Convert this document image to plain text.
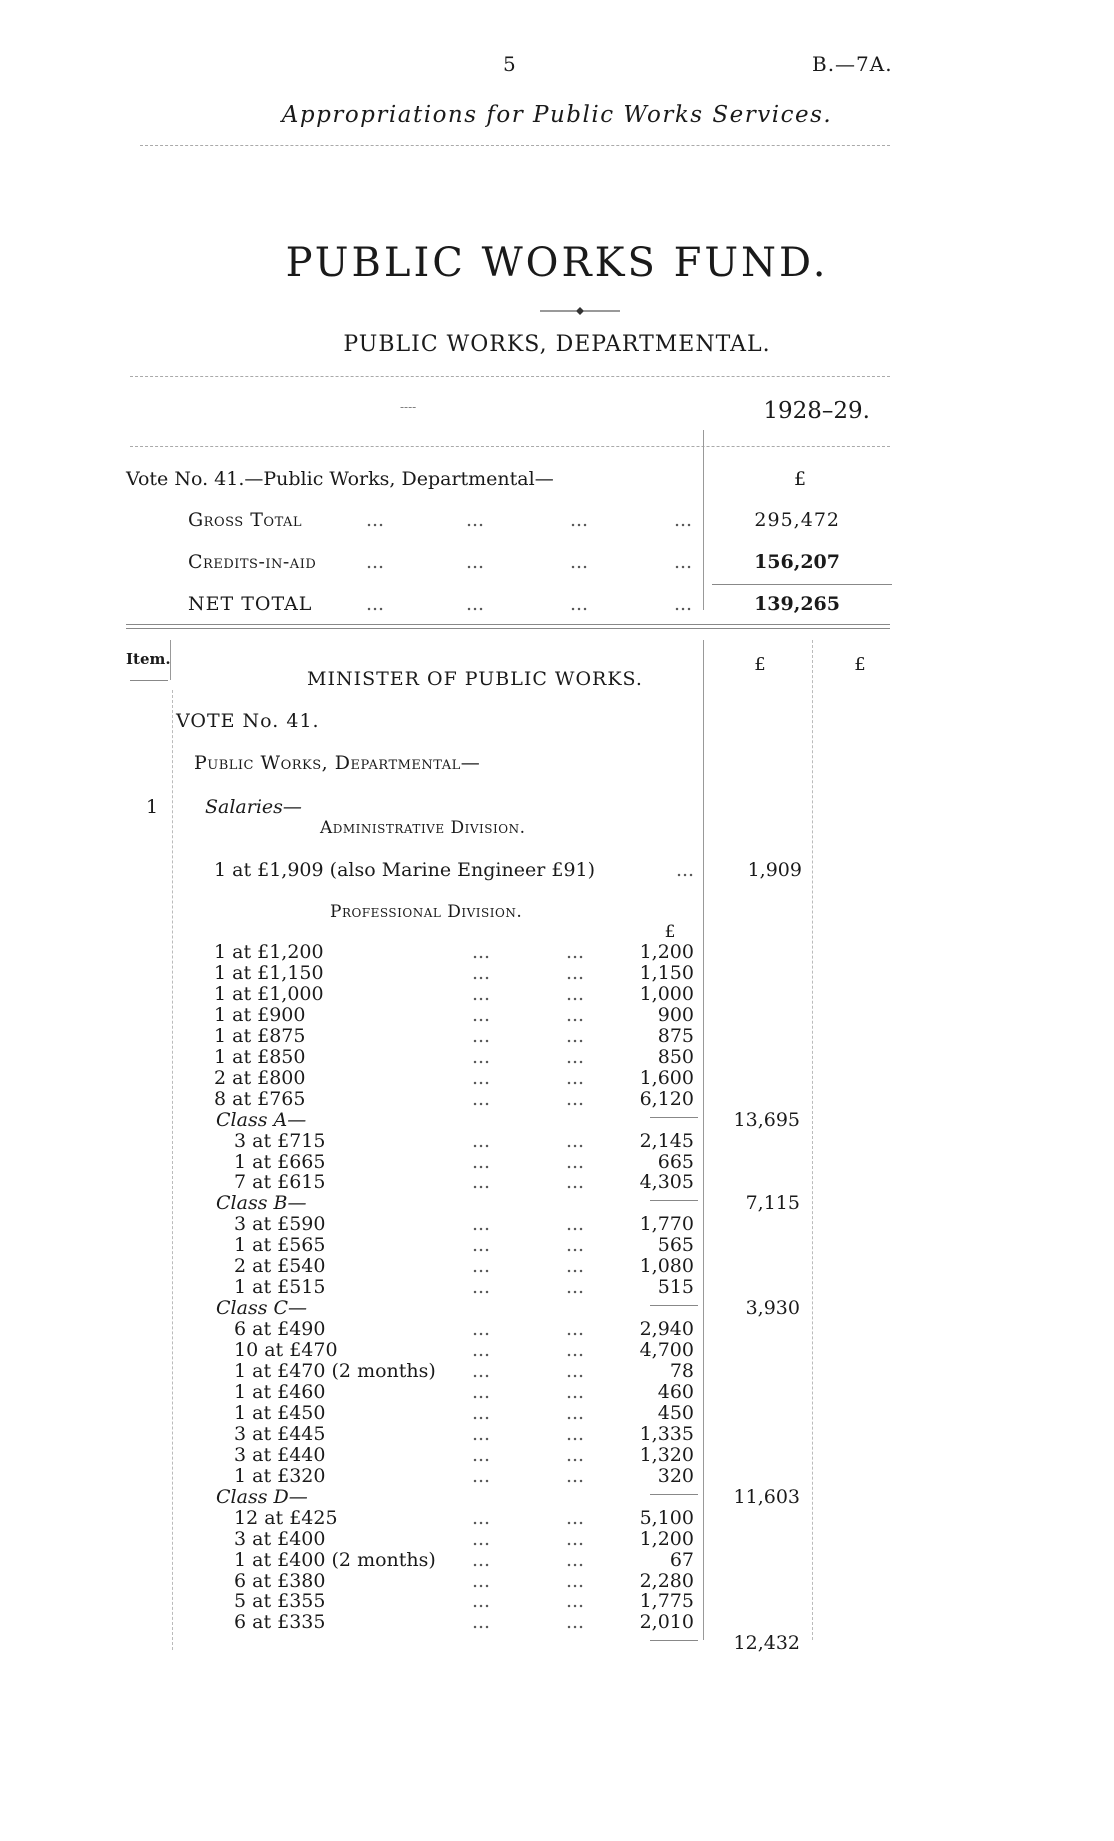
5	B.—7A.
Appropriations for Public Works Services.
PUBLIC WORKS FUND.
PUBLIC WORKS, DEPARTMENTAL.
----	1928–29.
Vote No. 41.—Public Works, Departmental—	£
Gross Total	...	...	...	...	295,472
Credits-in-aid	...	...	...	...	156,207
NET TOTAL	...	...	...	...	139,265
Item.	£	£
MINISTER OF PUBLIC WORKS.
VOTE No. 41.
Public Works, Departmental—
1 Salaries—
Administrative Division.
1 at £1,909 (also Marine Engineer £91)	...	1,909
Professional Division.
£
1 at £1,200	...	...	1,200
1 at £1,150	...	...	1,150
1 at £1,000	...	...	1,000
1 at £900	...	...	900
1 at £875	...	...	875
1 at £850	...	...	850
2 at £800	...	...	1,600
8 at £765	...	...	6,120
Class A—	13,695
3 at £715	...	...	2,145
1 at £665	...	...	665
7 at £615	...	...	4,305
Class B—	7,115
3 at £590	...	...	1,770
1 at £565	...	...	565
2 at £540	...	...	1,080
1 at £515	...	...	515
Class C—	3,930
6 at £490	...	...	2,940
10 at £470	...	...	4,700
1 at £470 (2 months)	...	...	78
1 at £460	...	...	460
1 at £450	...	...	450
3 at £445	...	...	1,335
3 at £440	...	...	1,320
1 at £320	...	...	320
Class D—	11,603
12 at £425	...	...	5,100
3 at £400	...	...	1,200
1 at £400 (2 months)	...	...	67
6 at £380	...	...	2,280
5 at £355	...	...	1,775
6 at £335	...	...	2,010
12,432
